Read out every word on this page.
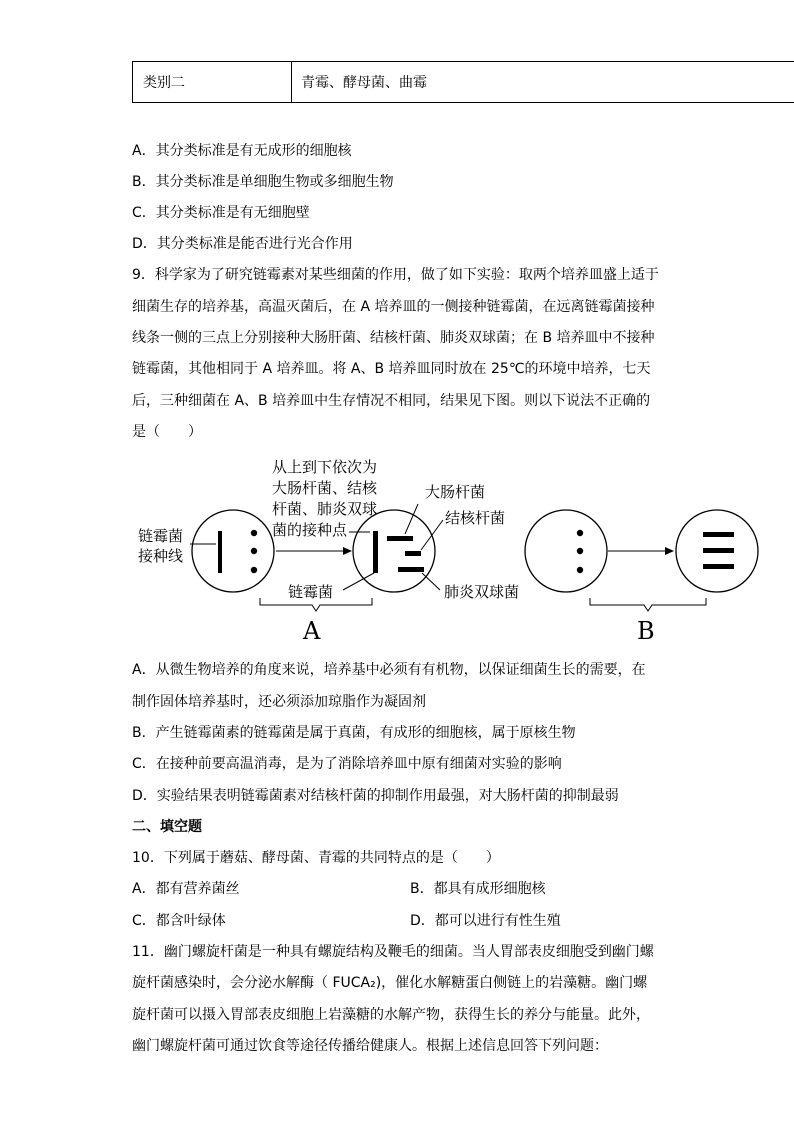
类别二	青霉、酵母菌、曲霉
A．其分类标准是有无成形的细胞核
B．其分类标准是单细胞生物或多细胞生物
C．其分类标准是有无细胞壁
D．其分类标准是能否进行光合作用
9．科学家为了研究链霉素对某些细菌的作用，做了如下实验：取两个培养皿盛上适于
细菌生存的培养基，高温灭菌后，在 A 培养皿的一侧接种链霉菌，在远离链霉菌接种
线条一侧的三点上分别接种大肠肝菌、结核杆菌、肺炎双球菌；在 B 培养皿中不接种
链霉菌，其他相同于 A 培养皿。将 A、B 培养皿同时放在 25℃的环境中培养，七天
后，三种细菌在 A、B 培养皿中生存情况不相同，结果见下图。则以下说法不正确的
是（　　）
从上到下依次为
大肠杆菌、结核
杆菌、肺炎双球
菌的接种点
链霉菌
接种线
大肠杆菌
结核杆菌
肺炎双球菌
链霉菌
A	B
A．从微生物培养的角度来说，培养基中必须有有机物，以保证细菌生长的需要，在
制作固体培养基时，还必须添加琼脂作为凝固剂
B．产生链霉菌素的链霉菌是属于真菌，有成形的细胞核，属于原核生物
C．在接种前要高温消毒，是为了消除培养皿中原有细菌对实验的影响
D．实验结果表明链霉菌素对结核杆菌的抑制作用最强，对大肠杆菌的抑制最弱
二、填空题
10．下列属于蘑菇、酵母菌、青霉的共同特点的是（　　）
A．都有营养菌丝	B．都具有成形细胞核
C．都含叶绿体	D．都可以进行有性生殖
11．幽门螺旋杆菌是一种具有螺旋结构及鞭毛的细菌。当人胃部表皮细胞受到幽门螺
旋杆菌感染时，会分泌水解酶（ FUCA₂)，催化水解糖蛋白侧链上的岩藻糖。幽门螺
旋杆菌可以摄入胃部表皮细胞上岩藻糖的水解产物，获得生长的养分与能量。此外，
幽门螺旋杆菌可通过饮食等途径传播给健康人。根据上述信息回答下列问题：
